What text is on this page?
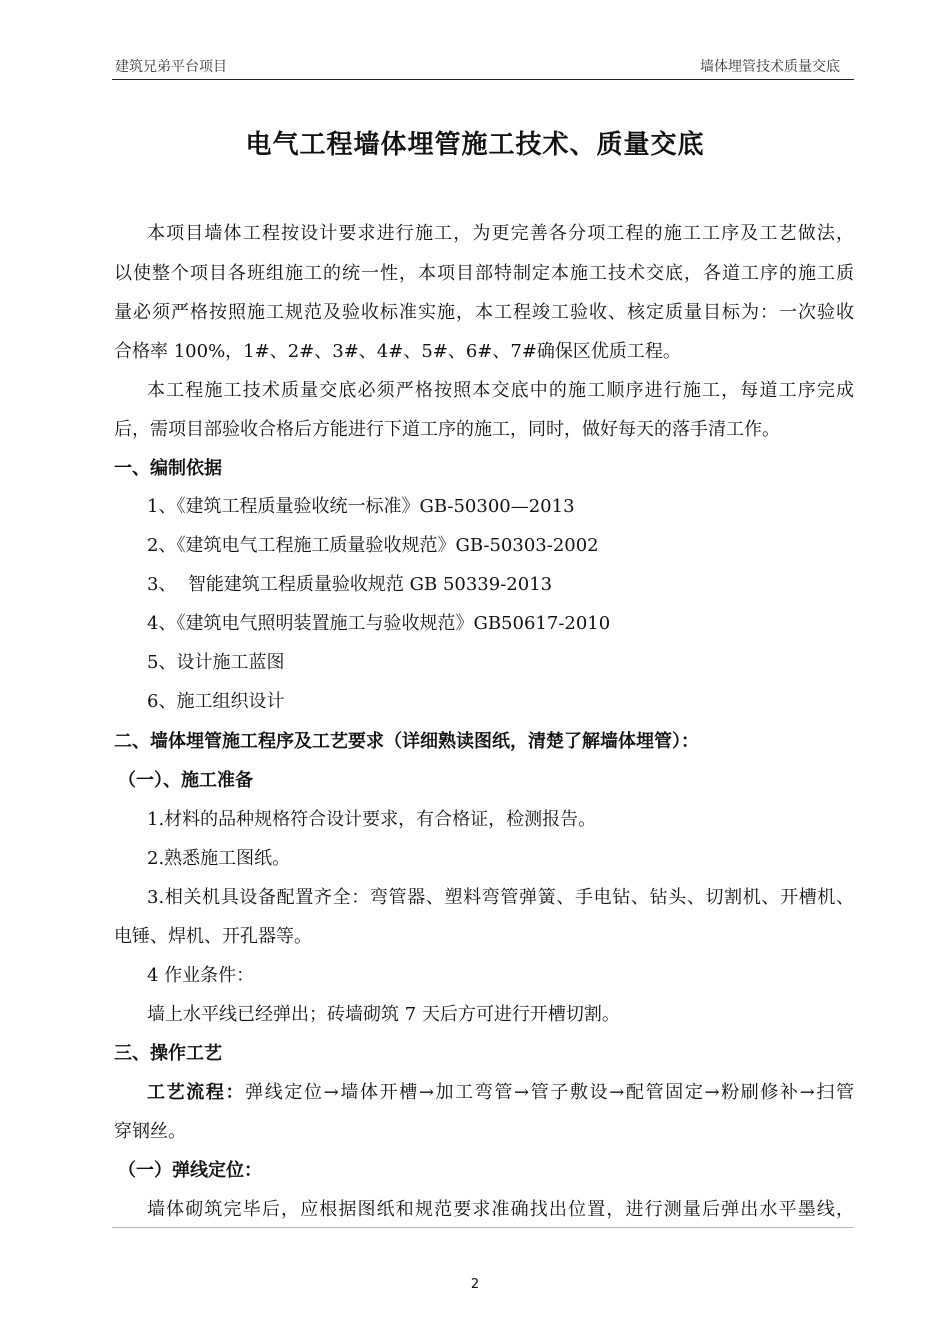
建筑兄弟平台项目	墙体埋管技术质量交底
电气工程墙体埋管施工技术、质量交底
本项目墙体工程按设计要求进行施工，为更完善各分项工程的施工工序及工艺做法，
以使整个项目各班组施工的统一性，本项目部特制定本施工技术交底，各道工序的施工质
量必须严格按照施工规范及验收标准实施，本工程竣工验收、核定质量目标为：一次验收
合格率 100%，1#、2#、3#、4#、5#、6#、7#确保区优质工程。
本工程施工技术质量交底必须严格按照本交底中的施工顺序进行施工，每道工序完成
后，需项目部验收合格后方能进行下道工序的施工，同时，做好每天的落手清工作。
一、编制依据
1、《建筑工程质量验收统一标准》GB-50300—2013
2、《建筑电气工程施工质量验收规范》GB-50303-2002
3、  智能建筑工程质量验收规范 GB 50339-2013
4、《建筑电气照明装置施工与验收规范》GB50617-2010
5、设计施工蓝图
6、施工组织设计
二、墙体埋管施工程序及工艺要求（详细熟读图纸，清楚了解墙体埋管）：
（一）、施工准备
1.材料的品种规格符合设计要求，有合格证，检测报告。
2.熟悉施工图纸。
3.相关机具设备配置齐全：弯管器、塑料弯管弹簧、手电钻、钻头、切割机、开槽机、
电锤、焊机、开孔器等。
4 作业条件：
墙上水平线已经弹出；砖墙砌筑 7 天后方可进行开槽切割。
三、操作工艺
工艺流程：弹线定位→墙体开槽→加工弯管→管子敷设→配管固定→粉刷修补→扫管
穿钢丝。
（一）弹线定位：
墙体砌筑完毕后，应根据图纸和规范要求准确找出位置，进行测量后弹出水平墨线，
2
